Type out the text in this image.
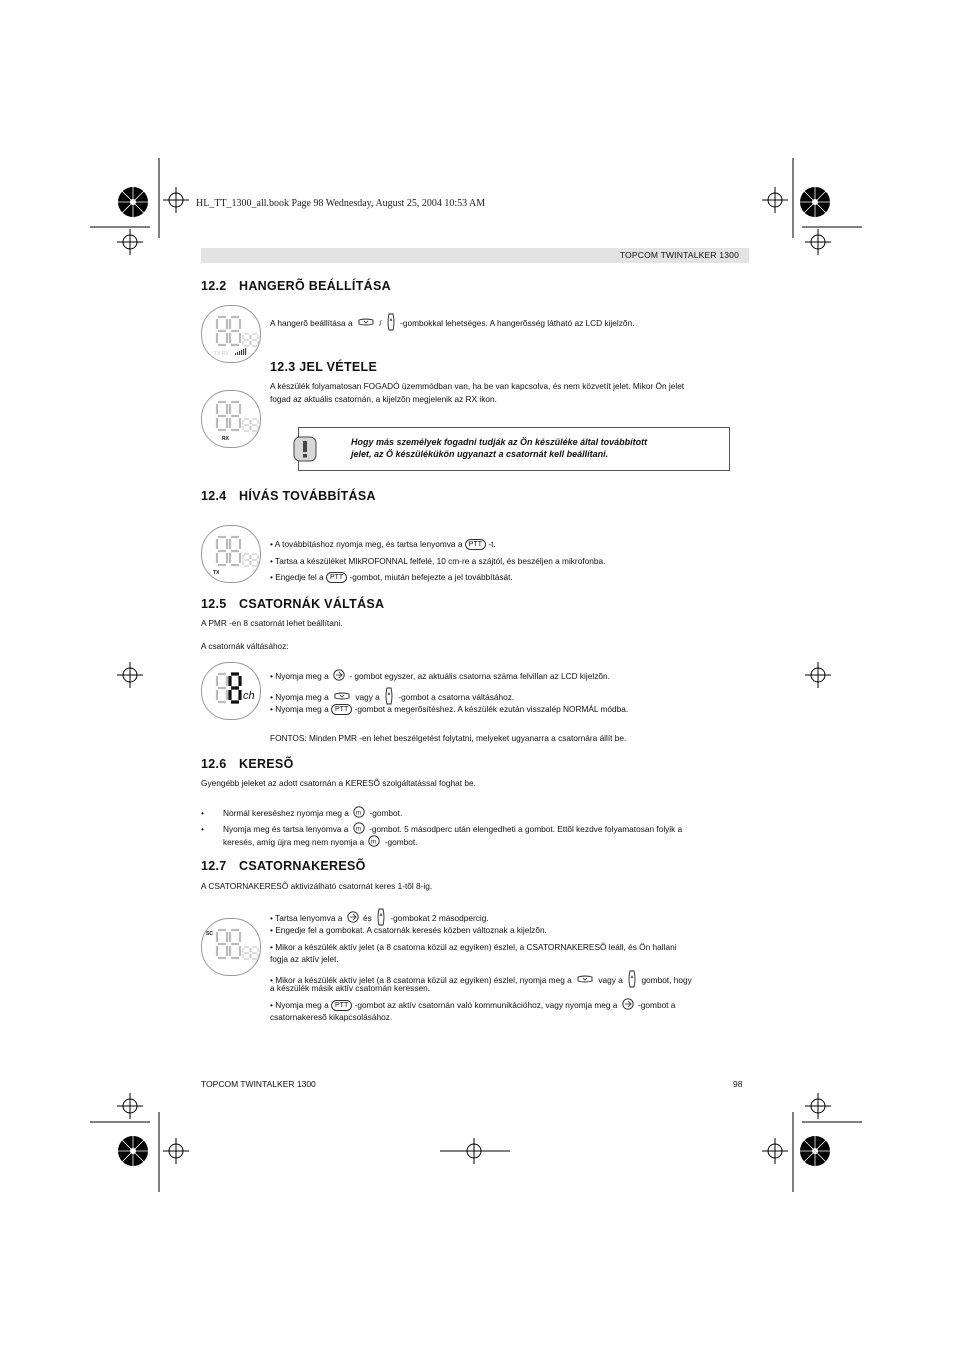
HL_TT_1300_all.book Page 98 Wednesday, August 25, 2004 10:53 AM
TOPCOM TWINTALKER 1300
12.2 HANGERÕ BEÁLLÍTÁSA
TX RX
A hangerõ beállítása a	/ -gombokkal lehetséges. A hangerõsség látható az LCD kijelzõn.
12.3 JEL VÉTELE
A készülék folyamatosan FOGADÓ üzemmódban van, ha be van kapcsolva, és nem közvetít jelet. Mikor Ön jelet
fogad az aktuális csatornán, a kijelzõn megjelenik az RX ikon.
RX	Hogy más személyek fogadni tudják az Ön készüléke által továbbított
jelet, az Ö készülékükön ugyanazt a csatornát kell beállítani.
12.4 HÍVÁS TOVÁBBÍTÁSA
TX
• A továbbításhoz nyomja meg, és tartsa lenyomva a PTT -t.
• Tartsa a készüléket MIkROFONNAL felfelé, 10 cm-re a szájtól, és beszéljen a mikrofonba.
• Engedje fel a PTT -gombot, miután befejezte a jel továbbítását.
12.5 CSATORNÁK VÁLTÁSA
A PMR -en 8 csatornát lehet beállítani.
A csatornák váltásához:
ch
• Nyomja meg a - gombot egyszer, az aktuális csatorna száma felvillan az LCD kijelzõn.
• Nyomja meg a	vagy a -gombot a csatorna váltásához.
• Nyomja meg a PTT -gombot a megerõsítéshez. A készülék ezután visszalép NORMÁL módba.
FONTOS: Minden PMR -en lehet beszélgetést folytatni, melyeket ugyanarra a csatornára állít be.
12.6 KERESÕ
Gyengébb jeleket az adott csatornán a KERESÕ szolgáltatással foghat be.
• Normál kereséshez nyomja meg a m -gombot.
• Nyomja meg és tartsa lenyomva a m -gombot. 5 másodperc után elengedheti a gombot. Ettõl kezdve folyamatosan folyik a
keresés, amíg újra meg nem nyomja a m -gombot.
12.7 CSATORNAKERESÕ
A CSATORNAKERESÕ aktivizálható csatornát keres 1-tõl 8-ig.
SC
• Tartsa lenyomva a és -gombokat 2 másodpercig.
• Engedje fel a gombokat. A csatornák keresés közben változnak a kijelzõn.
• Mikor a készülék aktív jelet (a 8 csatorna közül az egyiken) észlel, a CSATORNAKERESÕ leáll, és Ön hallani
fogja az aktív jelet.
• Mikor a készülék aktív jelet (a 8 csatorna közül az egyiken) észlel, nyomja meg a	vagy a gombot, hogy
a készülék másik aktív csatornán keressen.
• Nyomja meg a PTT -gombot az aktív csatornán való kommunikációhoz, vagy nyomja meg a -gombot a
csatornakeresõ kikapcsolásához.
TOPCOM TWINTALKER 1300	98
